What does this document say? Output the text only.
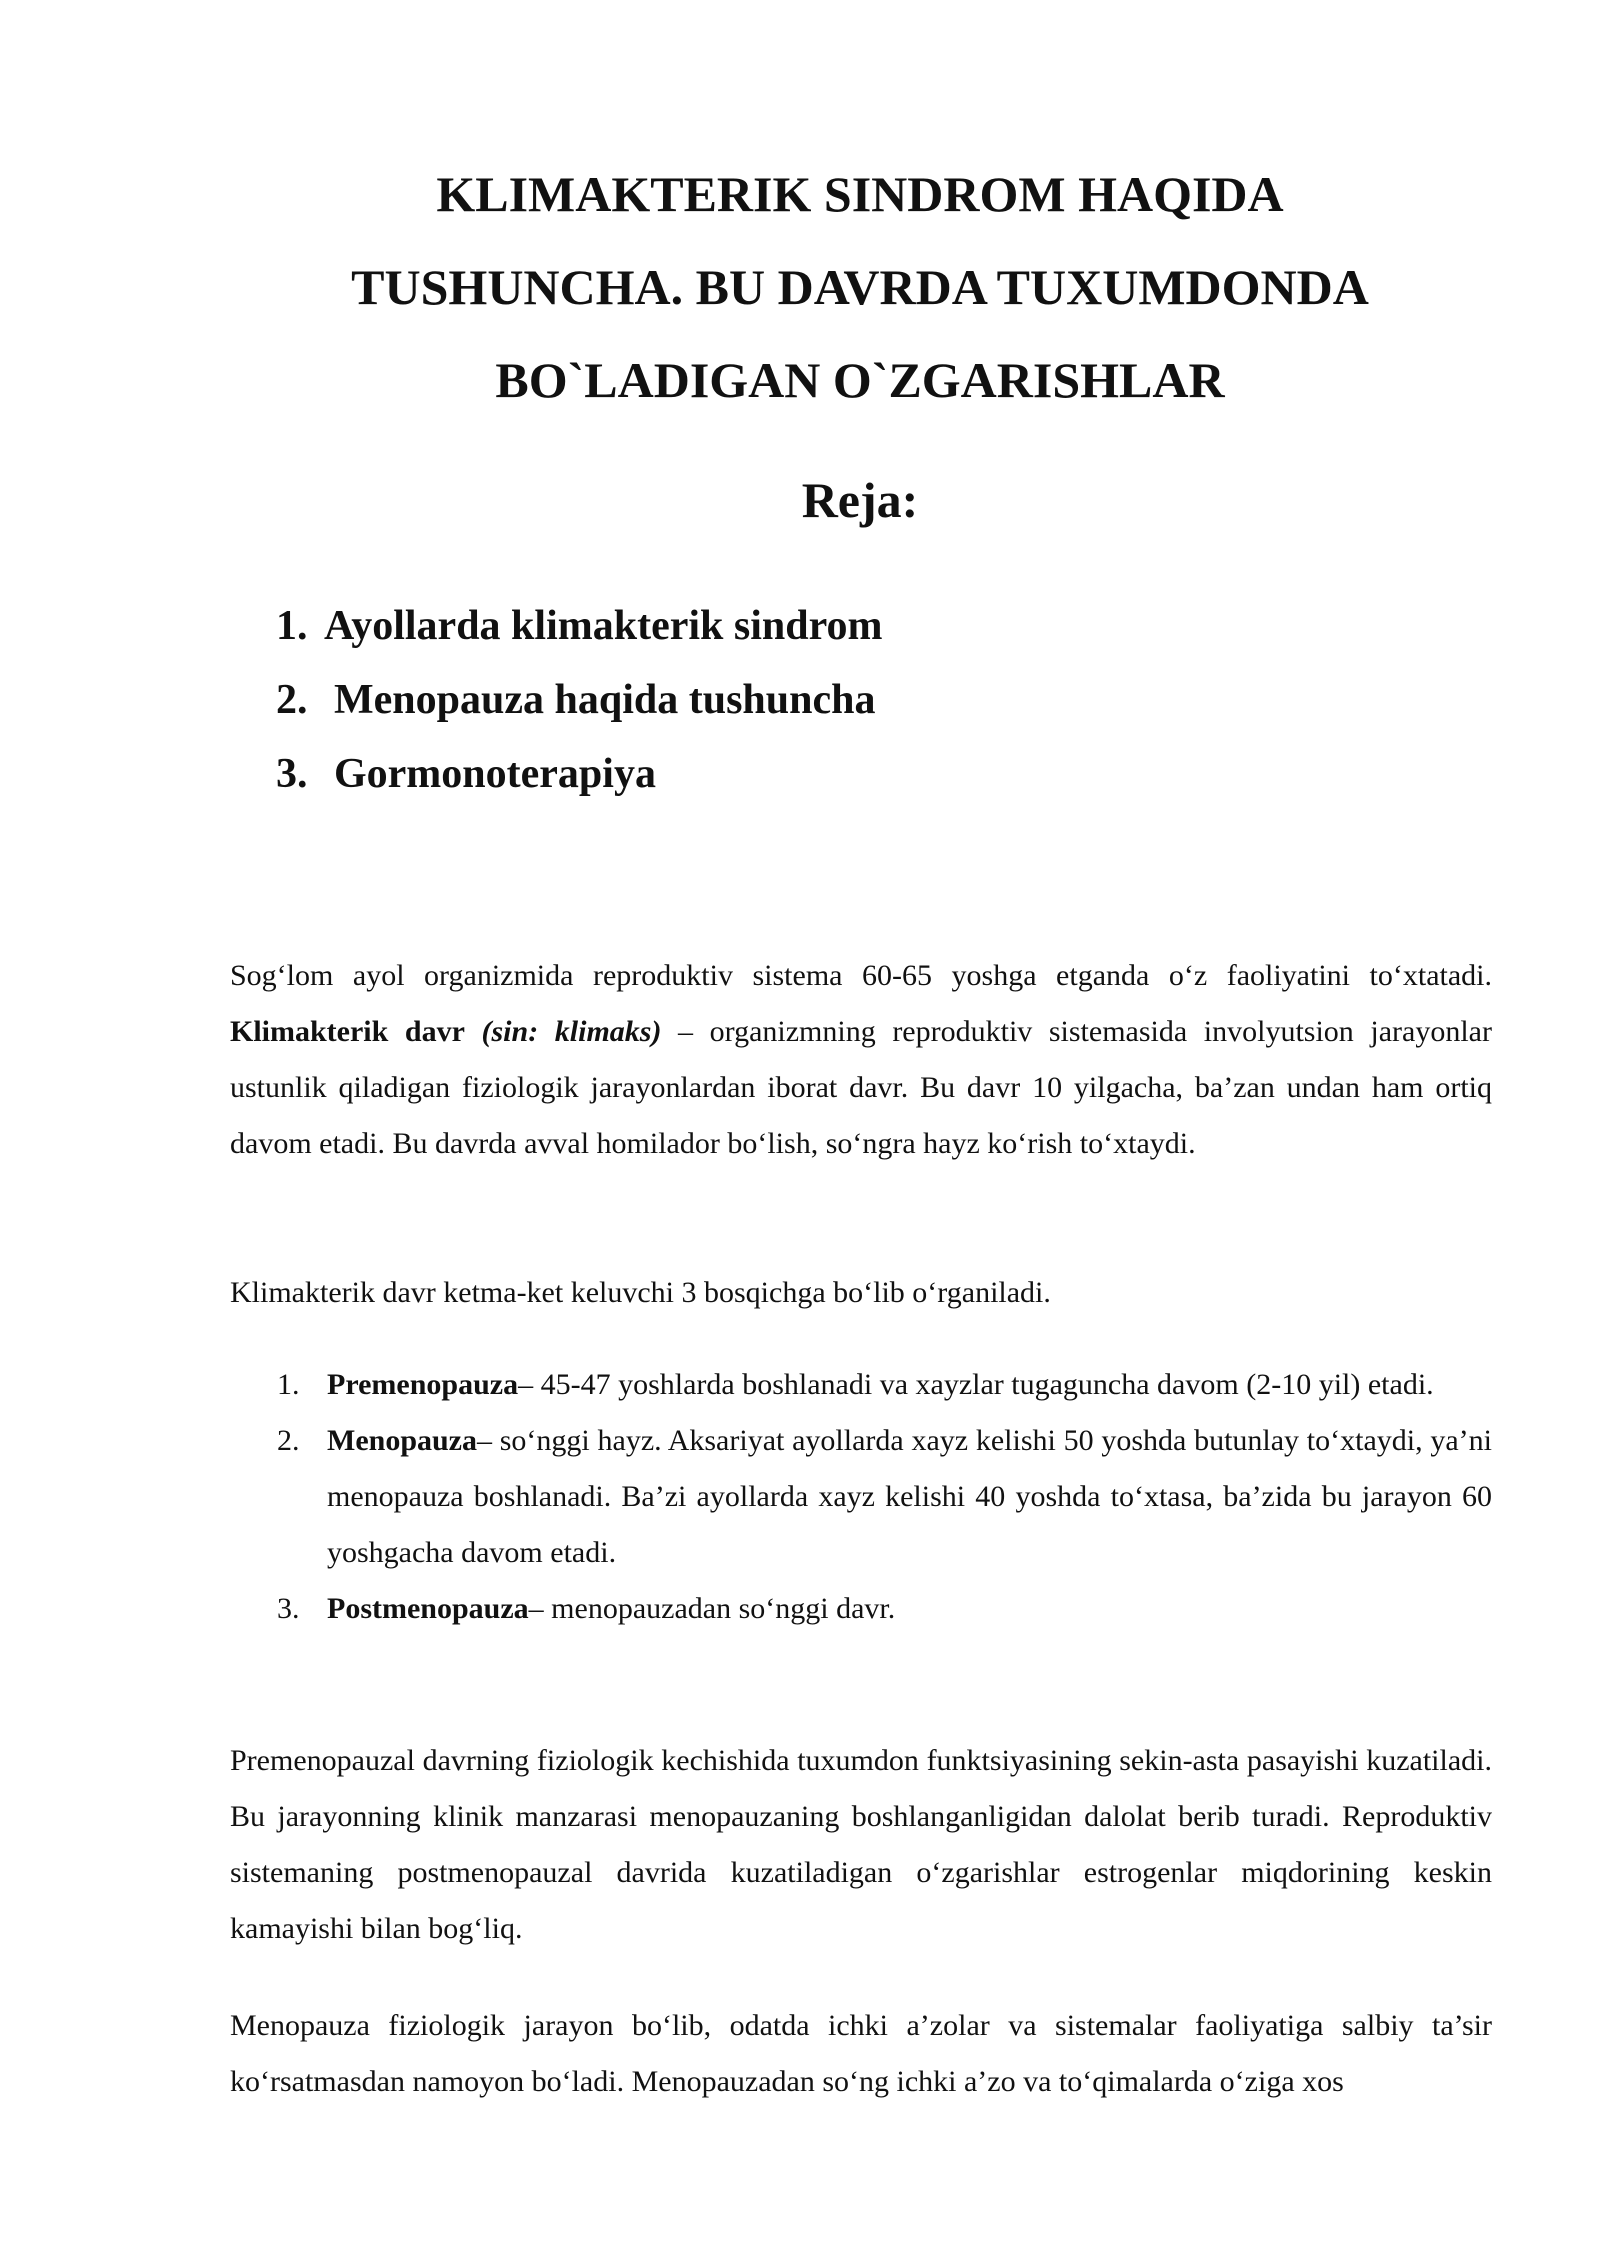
KLIMAKTERIK SINDROM HAQIDA
TUSHUNCHA. BU DAVRDA TUXUMDONDA
BO`LADIGAN O`ZGARISHLAR
Reja:
1. Ayollarda klimakterik sindrom
2. Menopauza haqida tushuncha
3. Gormonoterapiya

Sog‘lom ayol organizmida reproduktiv sistema 60-65 yoshga etganda o‘z faoliyatini to‘xtatadi. Klimakterik davr (sin: klimaks) – organizmning reproduktiv sistemasida involyutsion jarayonlar ustunlik qiladigan fiziologik jarayonlardan iborat davr. Bu davr 10 yilgacha, ba’zan undan ham ortiq davom etadi. Bu davrda avval homilador bo‘lish, so‘ngra hayz ko‘rish to‘xtaydi.

Klimakterik davr ketma-ket keluvchi 3 bosqichga bo‘lib o‘rganiladi.

1. Premenopauza– 45-47 yoshlarda boshlanadi va xayzlar tugaguncha davom (2-10 yil) etadi.
2. Menopauza– so‘nggi hayz. Aksariyat ayollarda xayz kelishi 50 yoshda butunlay to‘xtaydi, ya’ni menopauza boshlanadi. Ba’zi ayollarda xayz kelishi 40 yoshda to‘xtasa, ba’zida bu jarayon 60 yoshgacha davom etadi.
3. Postmenopauza– menopauzadan so‘nggi davr.

Premenopauzal davrning fiziologik kechishida tuxumdon funktsiyasining sekin-asta pasayishi kuzatiladi. Bu jarayonning klinik manzarasi menopauzaning boshlanganligidan dalolat berib turadi. Reproduktiv sistemaning postmenopauzal davrida kuzatiladigan o‘zgarishlar estrogenlar miqdorining keskin kamayishi bilan bog‘liq.

Menopauza fiziologik jarayon bo‘lib, odatda ichki a’zolar va sistemalar faoliyatiga salbiy ta’sir ko‘rsatmasdan namoyon bo‘ladi. Menopauzadan so‘ng ichki a’zo va to‘qimalarda o‘ziga xos
